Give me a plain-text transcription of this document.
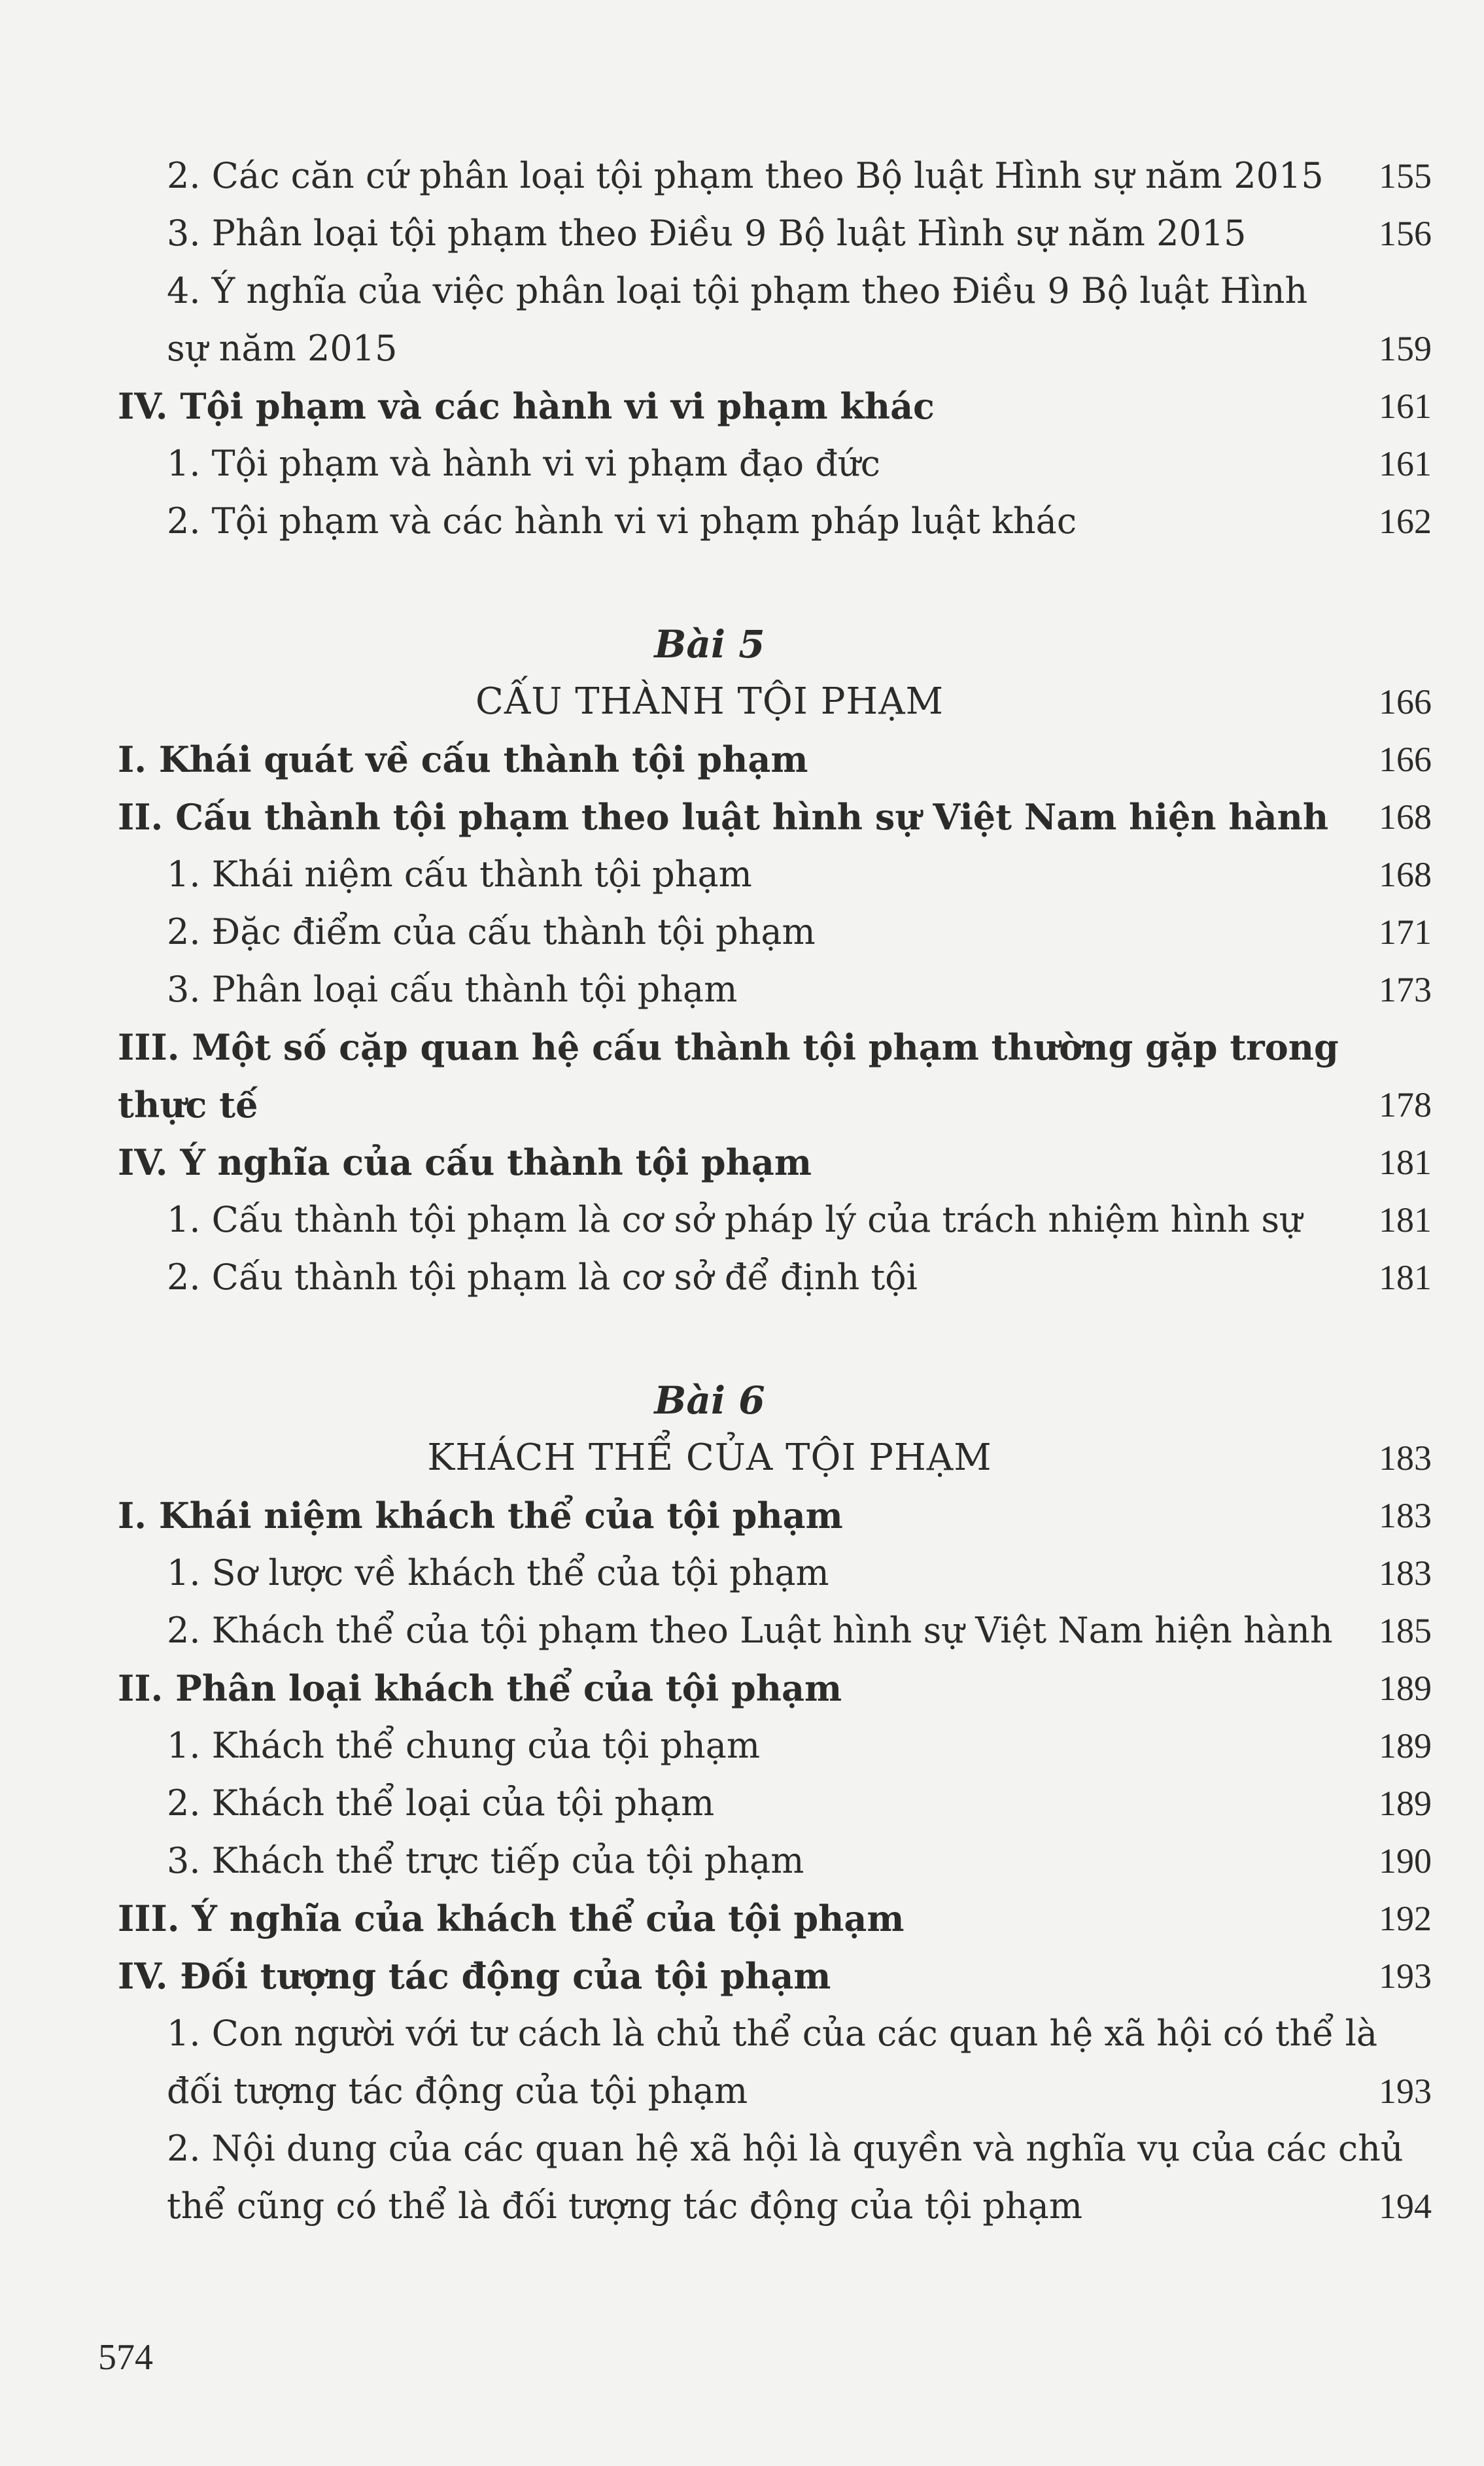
2. Các căn cứ phân loại tội phạm theo Bộ luật Hình sự năm 2015 155
3. Phân loại tội phạm theo Điều 9 Bộ luật Hình sự năm 2015	156
4. Ý nghĩa của việc phân loại tội phạm theo Điều 9 Bộ luật Hình
sự năm 2015	159
IV. Tội phạm và các hành vi vi phạm khác	161
1. Tội phạm và hành vi vi phạm đạo đức	161
2. Tội phạm và các hành vi vi phạm pháp luật khác	162
Bài 5
CẤU THÀNH TỘI PHẠM	166
I. Khái quát về cấu thành tội phạm	166
II. Cấu thành tội phạm theo luật hình sự Việt Nam hiện hành 168
1. Khái niệm cấu thành tội phạm	168
2. Đặc điểm của cấu thành tội phạm	171
3. Phân loại cấu thành tội phạm	173
III. Một số cặp quan hệ cấu thành tội phạm thường gặp trong
thực tế	178
IV. Ý nghĩa của cấu thành tội phạm	181
1. Cấu thành tội phạm là cơ sở pháp lý của trách nhiệm hình sự 181
2. Cấu thành tội phạm là cơ sở để định tội	181
Bài 6
KHÁCH THỂ CỦA TỘI PHẠM	183
I. Khái niệm khách thể của tội phạm	183
1. Sơ lược về khách thể của tội phạm	183
2. Khách thể của tội phạm theo Luật hình sự Việt Nam hiện hành 185
II. Phân loại khách thể của tội phạm	189
1. Khách thể chung của tội phạm	189
2. Khách thể loại của tội phạm	189
3. Khách thể trực tiếp của tội phạm	190
III. Ý nghĩa của khách thể của tội phạm	192
IV. Đối tượng tác động của tội phạm	193
1. Con người với tư cách là chủ thể của các quan hệ xã hội có thể là
đối tượng tác động của tội phạm	193
2. Nội dung của các quan hệ xã hội là quyền và nghĩa vụ của các chủ
thể cũng có thể là đối tượng tác động của tội phạm	194
574
